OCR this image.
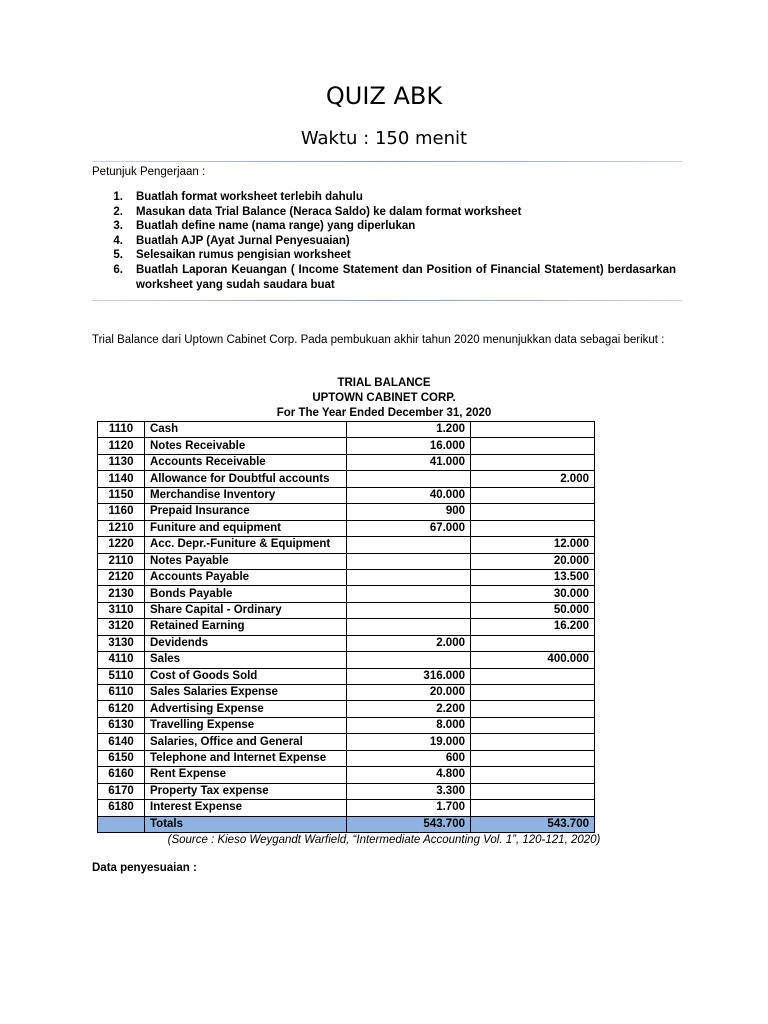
QUIZ ABK
Waktu : 150 menit
Petunjuk Pengerjaan :
1.	Buatlah format worksheet terlebih dahulu
2.	Masukan data Trial Balance (Neraca Saldo) ke dalam format worksheet
3.	Buatlah define name (nama range) yang diperlukan
4.	Buatlah AJP (Ayat Jurnal Penyesuaian)
5.	Selesaikan rumus pengisian worksheet
6.	Buatlah Laporan Keuangan ( Income Statement dan Position of Financial Statement) berdasarkan worksheet yang sudah saudara buat
Trial Balance dari Uptown Cabinet Corp. Pada pembukuan akhir tahun 2020 menunjukkan data sebagai berikut :
TRIAL BALANCE
UPTOWN CABINET CORP.
For The Year Ended December 31, 2020
1110	Cash	1.200	
1120	Notes Receivable	16.000	
1130	Accounts Receivable	41.000	
1140	Allowance for Doubtful accounts		2.000
1150	Merchandise Inventory	40.000	
1160	Prepaid Insurance	900	
1210	Funiture and equipment	67.000	
1220	Acc. Depr.-Funiture & Equipment		12.000
2110	Notes Payable		20.000
2120	Accounts Payable		13.500
2130	Bonds Payable		30.000
3110	Share Capital - Ordinary		50.000
3120	Retained Earning		16.200
3130	Devidends	2.000	
4110	Sales		400.000
5110	Cost of Goods Sold	316.000	
6110	Sales Salaries Expense	20.000	
6120	Advertising Expense	2.200	
6130	Travelling Expense	8.000	
6140	Salaries, Office and General	19.000	
6150	Telephone and Internet Expense	600	
6160	Rent Expense	4.800	
6170	Property Tax expense	3.300	
6180	Interest Expense	1.700	
	Totals	543.700	543.700
(Source : Kieso Weygandt Warfield, “Intermediate Accounting Vol. 1”, 120-121, 2020)
Data penyesuaian :
